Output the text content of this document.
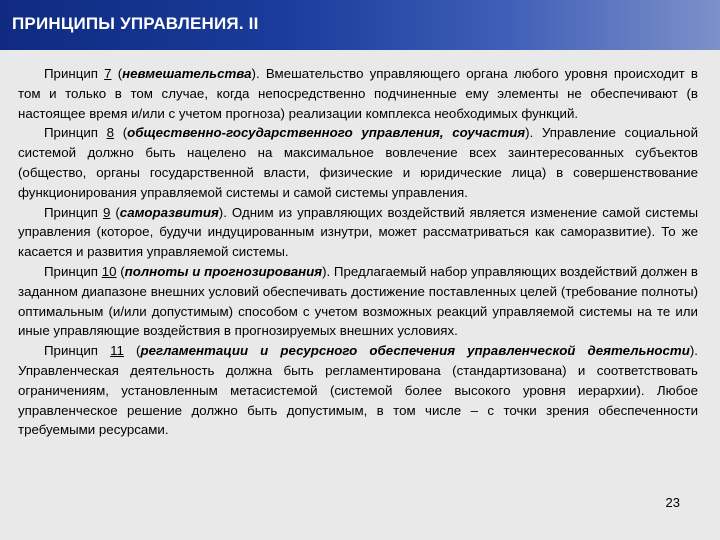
ПРИНЦИПЫ УПРАВЛЕНИЯ. II

Принцип 7 (невмешательства). Вмешательство управляющего органа любого уровня происходит в том и только в том случае, когда непосредственно подчиненные ему элементы не обеспечивают (в настоящее время и/или с учетом прогноза) реализации комплекса необходимых функций.

Принцип 8 (общественно-государственного управления, соучастия). Управление социальной системой должно быть нацелено на максимальное вовлечение всех заинтересованных субъектов (общество, органы государственной власти, физические и юридические лица) в совершенствование функционирования управляемой системы и самой системы управления.

Принцип 9 (саморазвития). Одним из управляющих воздействий является изменение самой системы управления (которое, будучи индуцированным изнутри, может рассматриваться как саморазвитие). То же касается и развития управляемой системы.

Принцип 10 (полноты и прогнозирования). Предлагаемый набор управляющих воздействий должен в заданном диапазоне внешних условий обеспечивать достижение поставленных целей (требование полноты) оптимальным (и/или допустимым) способом с учетом возможных реакций управляемой системы на те или иные управляющие воздействия в прогнозируемых внешних условиях.

Принцип 11 (регламентации и ресурсного обеспечения управленческой деятельности). Управленческая деятельность должна быть регламентирована (стандартизована) и соответствовать ограничениям, установленным метасистемой (системой более высокого уровня иерархии). Любое управленческое решение должно быть допустимым, в том числе – с точки зрения обеспеченности требуемыми ресурсами.

23
